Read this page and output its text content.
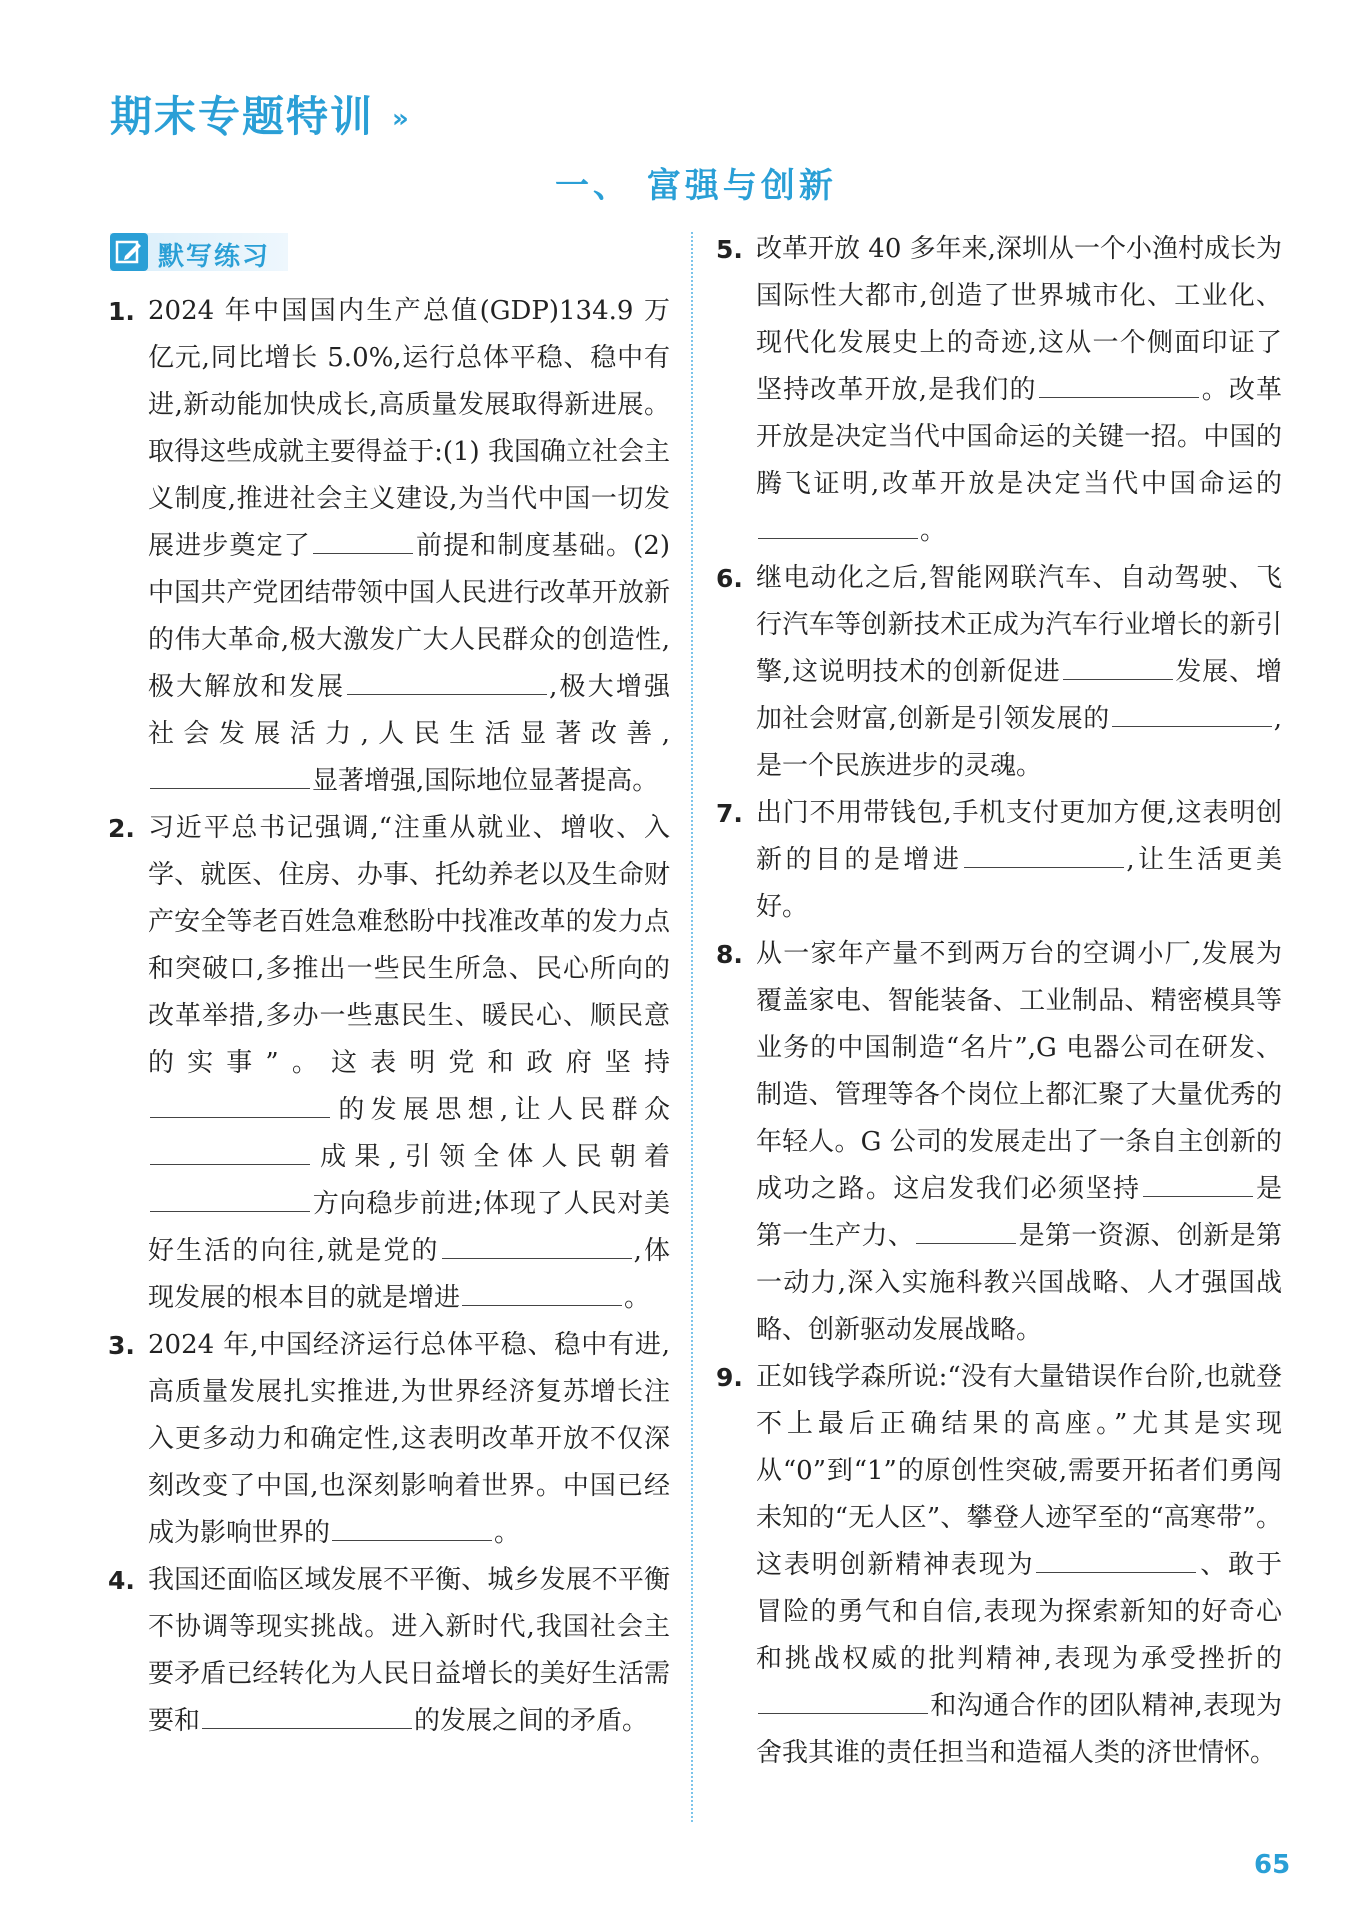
期末专题特训 »
一、 富强与创新
默写练习
1. 2024 年中国国内生产总值(GDP)134.9 万亿元,同比增长 5.0%,运行总体平稳、稳中有进,新动能加快成长,高质量发展取得新进展。取得这些成就主要得益于:(1) 我国确立社会主义制度,推进社会主义建设,为当代中国一切发展进步奠定了	前提和制度基础。(2) 中国共产党团结带领中国人民进行改革开放新的伟大革命,极大激发广大人民群众的创造性,极大解放和发展	,极大增强社会发展活力,人民生活显著改善,显著增强,国际地位显著提高。
2. 习近平总书记强调,“注重从就业、增收、入学、就医、住房、办事、托幼养老以及生命财产安全等老百姓急难愁盼中找准改革的发力点和突破口,多推出一些民生所急、民心所向的改革举措,多办一些惠民生、暖民心、顺民意的实事”。这表明党和政府坚持的发展思想,让人民群众成果,引领全体人民朝着方向稳步前进;体现了人民对美好生活的向往,就是党的	,体现发展的根本目的就是增进	。
3. 2024 年,中国经济运行总体平稳、稳中有进,高质量发展扎实推进,为世界经济复苏增长注入更多动力和确定性,这表明改革开放不仅深刻改变了中国,也深刻影响着世界。中国已经成为影响世界的	。
4. 我国还面临区域发展不平衡、城乡发展不平衡不协调等现实挑战。进入新时代,我国社会主要矛盾已经转化为人民日益增长的美好生活需要和	的发展之间的矛盾。
5. 改革开放 40 多年来,深圳从一个小渔村成长为国际性大都市,创造了世界城市化、工业化、现代化发展史上的奇迹,这从一个侧面印证了坚持改革开放,是我们的	。改革开放是决定当代中国命运的关键一招。中国的腾飞证明,改革开放是决定当代中国命运的。
6. 继电动化之后,智能网联汽车、自动驾驶、飞行汽车等创新技术正成为汽车行业增长的新引擎,这说明技术的创新促进	发展、增加社会财富,创新是引领发展的	,是一个民族进步的灵魂。
7. 出门不用带钱包,手机支付更加方便,这表明创新的目的是增进	,让生活更美好。
8. 从一家年产量不到两万台的空调小厂,发展为覆盖家电、智能装备、工业制品、精密模具等业务的中国制造“名片”,G 电器公司在研发、制造、管理等各个岗位上都汇聚了大量优秀的年轻人。G 公司的发展走出了一条自主创新的成功之路。这启发我们必须坚持	是第一生产力、	是第一资源、创新是第一动力,深入实施科教兴国战略、人才强国战略、创新驱动发展战略。
9. 正如钱学森所说:“没有大量错误作台阶,也就登不上最后正确结果的高座。”尤其是实现从“0”到“1”的原创性突破,需要开拓者们勇闯未知的“无人区”、攀登人迹罕至的“高寒带”。这表明创新精神表现为	、敢于冒险的勇气和自信,表现为探索新知的好奇心和挑战权威的批判精神,表现为承受挫折的和沟通合作的团队精神,表现为舍我其谁的责任担当和造福人类的济世情怀。
65
